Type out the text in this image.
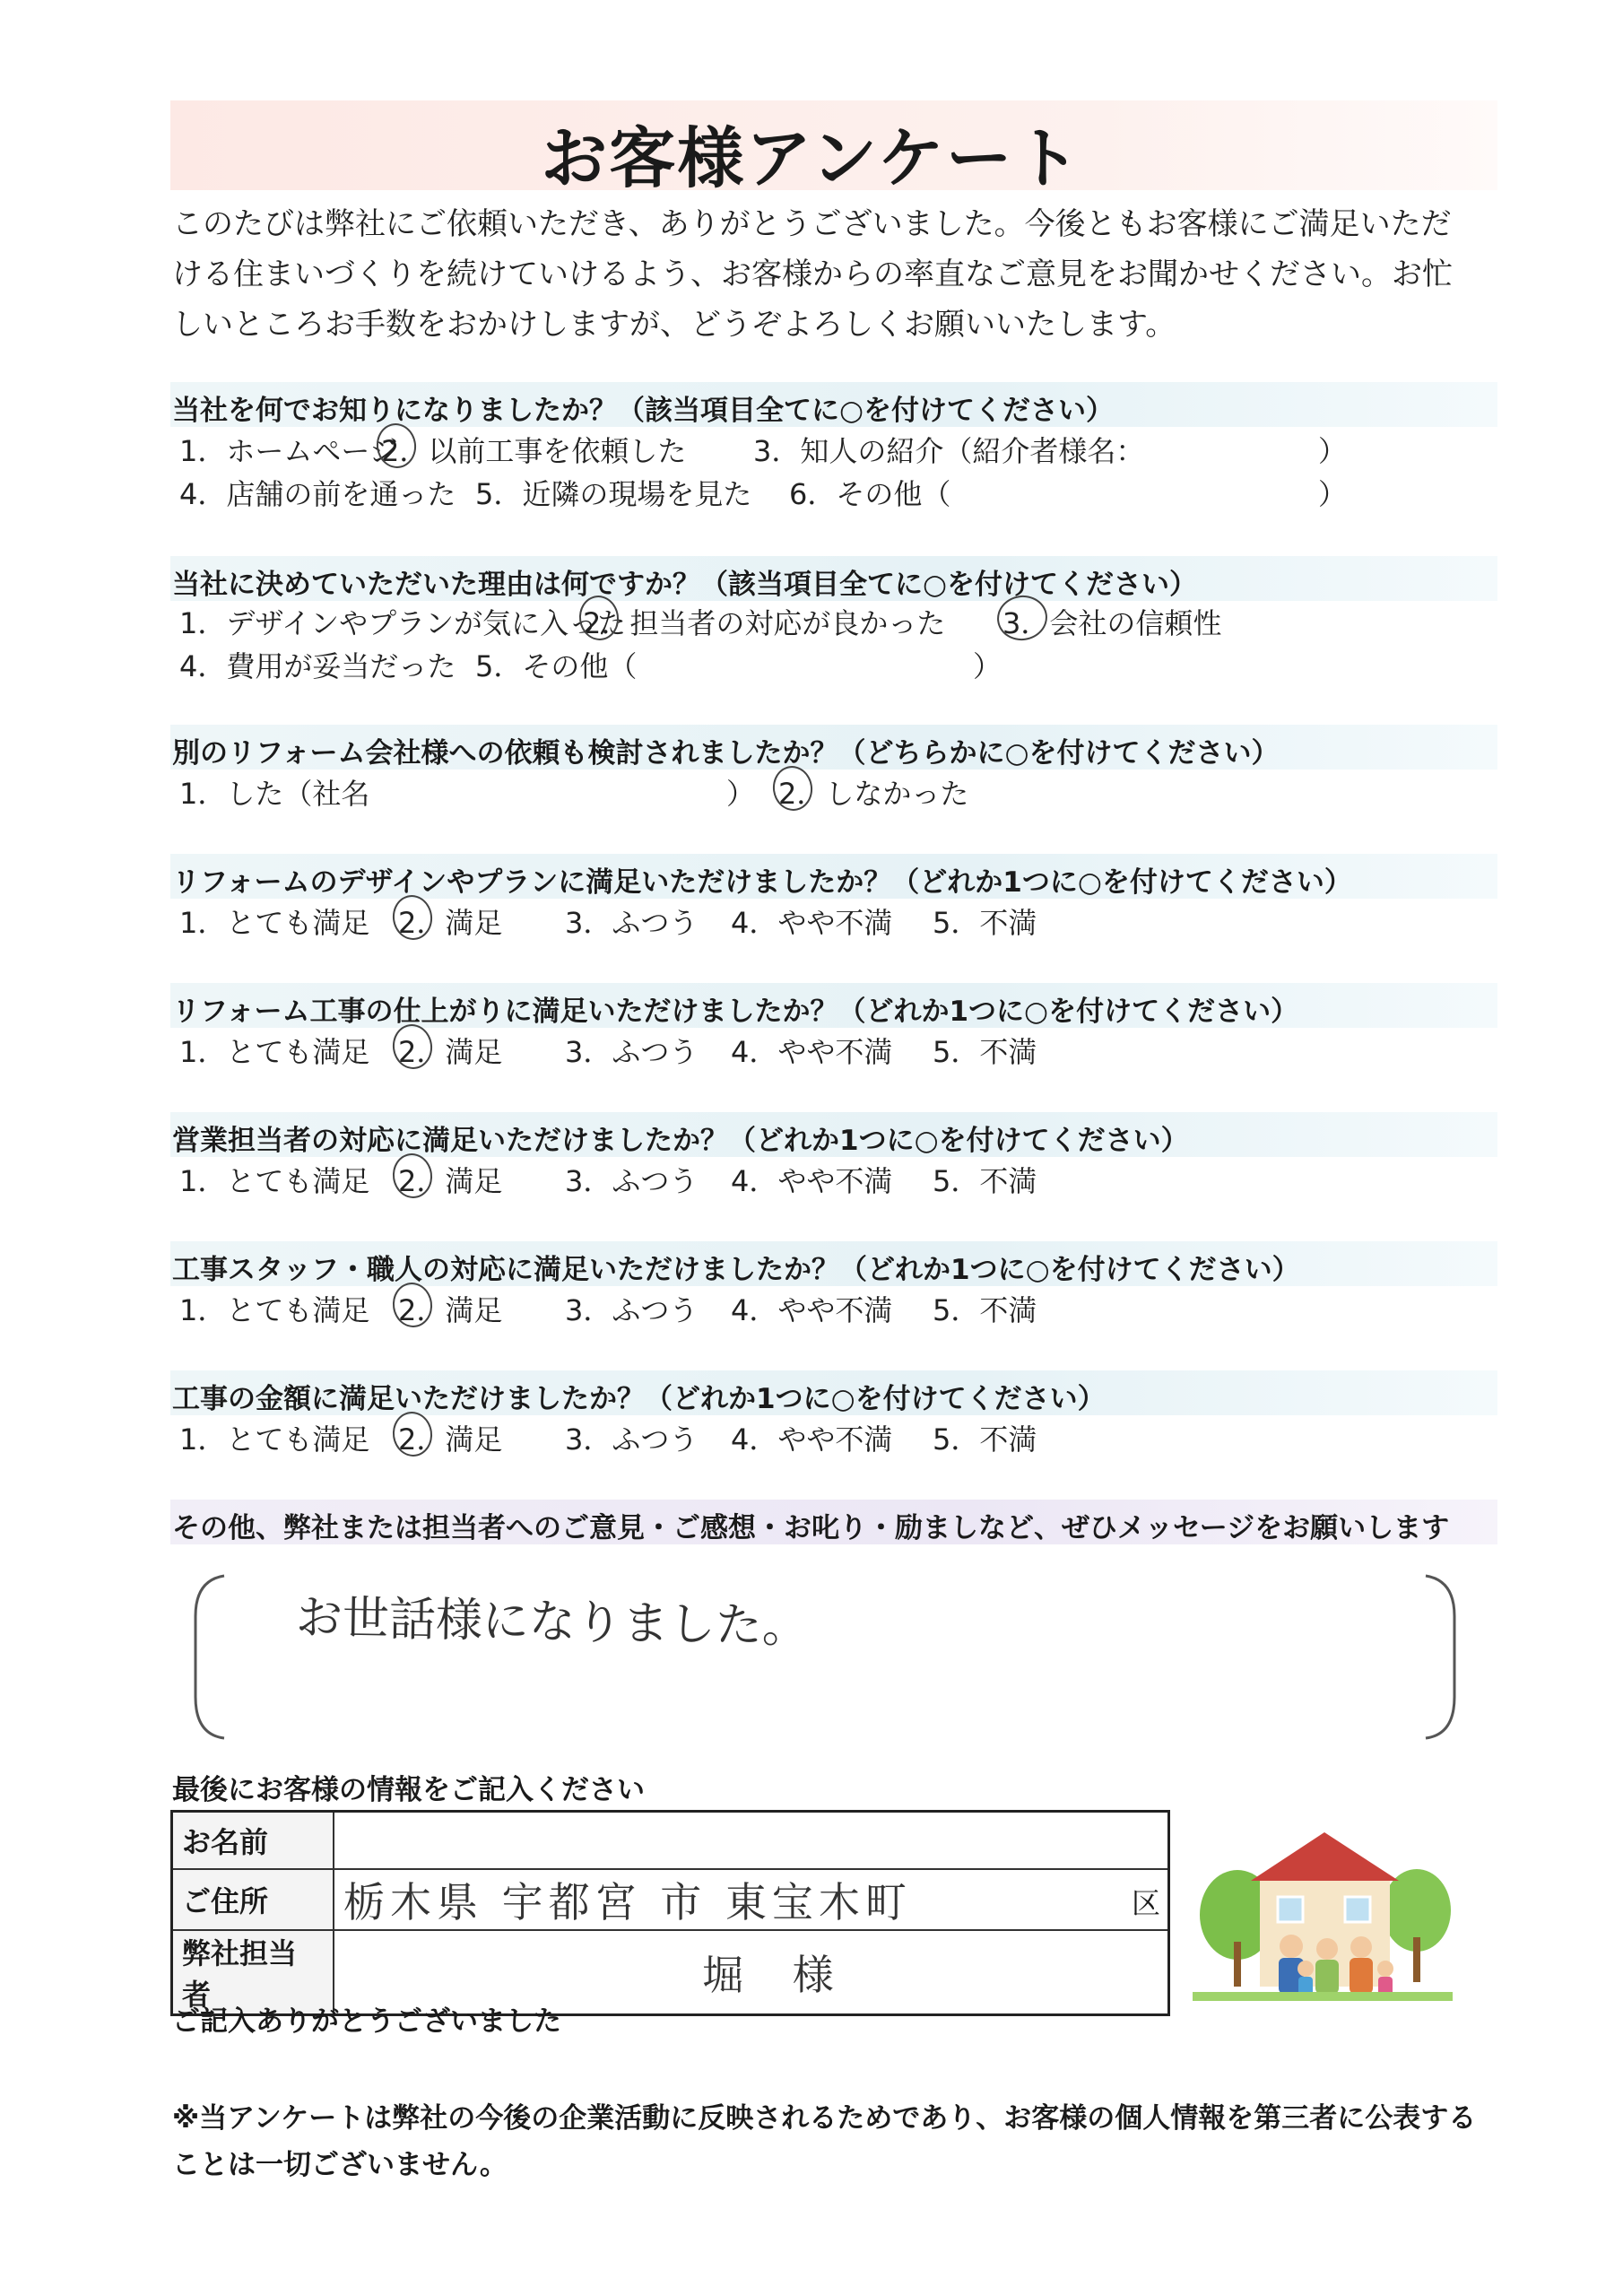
お客様アンケート
このたびは弊社にご依頼いただき、ありがとうございました。今後ともお客様にご満足いただける住まいづくりを続けていけるよう、お客様からの率直なご意見をお聞かせください。お忙しいところお手数をおかけしますが、どうぞよろしくお願いいたします。
当社を何でお知りになりましたか？（該当項目全てに○を付けてください）
1．ホームページ
2．以前工事を依頼した 3．知人の紹介（紹介者様名：	）
4．店舗の前を通った 5．近隣の現場を見た 6．その他（	）
当社に決めていただいた理由は何ですか？（該当項目全てに○を付けてください）
1．デザインやプランが気に入った
2．担当者の対応が良かった 3．会社の信頼性
4．費用が妥当だった 5．その他（	）
別のリフォーム会社様への依頼も検討されましたか？（どちらかに○を付けてください）
1．した（社名	） 2．しなかった
リフォームのデザインやプランに満足いただけましたか？（どれか1つに○を付けてください）
1．とても満足 2．満足 3．ふつう 4．やや不満 5．不満
リフォーム工事の仕上がりに満足いただけましたか？（どれか1つに○を付けてください）
1．とても満足 2．満足 3．ふつう 4．やや不満 5．不満
営業担当者の対応に満足いただけましたか？（どれか1つに○を付けてください）
1．とても満足 2．満足 3．ふつう 4．やや不満 5．不満
工事スタッフ・職人の対応に満足いただけましたか？（どれか1つに○を付けてください）
1．とても満足 2．満足 3．ふつう 4．やや不満 5．不満
工事の金額に満足いただけましたか？（どれか1つに○を付けてください）
1．とても満足 2．満足 3．ふつう 4．やや不満 5．不満
その他、弊社または担当者へのご意見・ご感想・お叱り・励ましなど、ぜひメッセージをお願いします
お世話様になりました。
最後にお客様の情報をご記入ください
お名前	
ご住所	栃木県 宇都宮 市 東宝木町 区

弊社担当者	堀 様
ご記入ありがとうございました
※当アンケートは弊社の今後の企業活動に反映されるためであり、お客様の個人情報を第三者に公表することは一切ございません。
